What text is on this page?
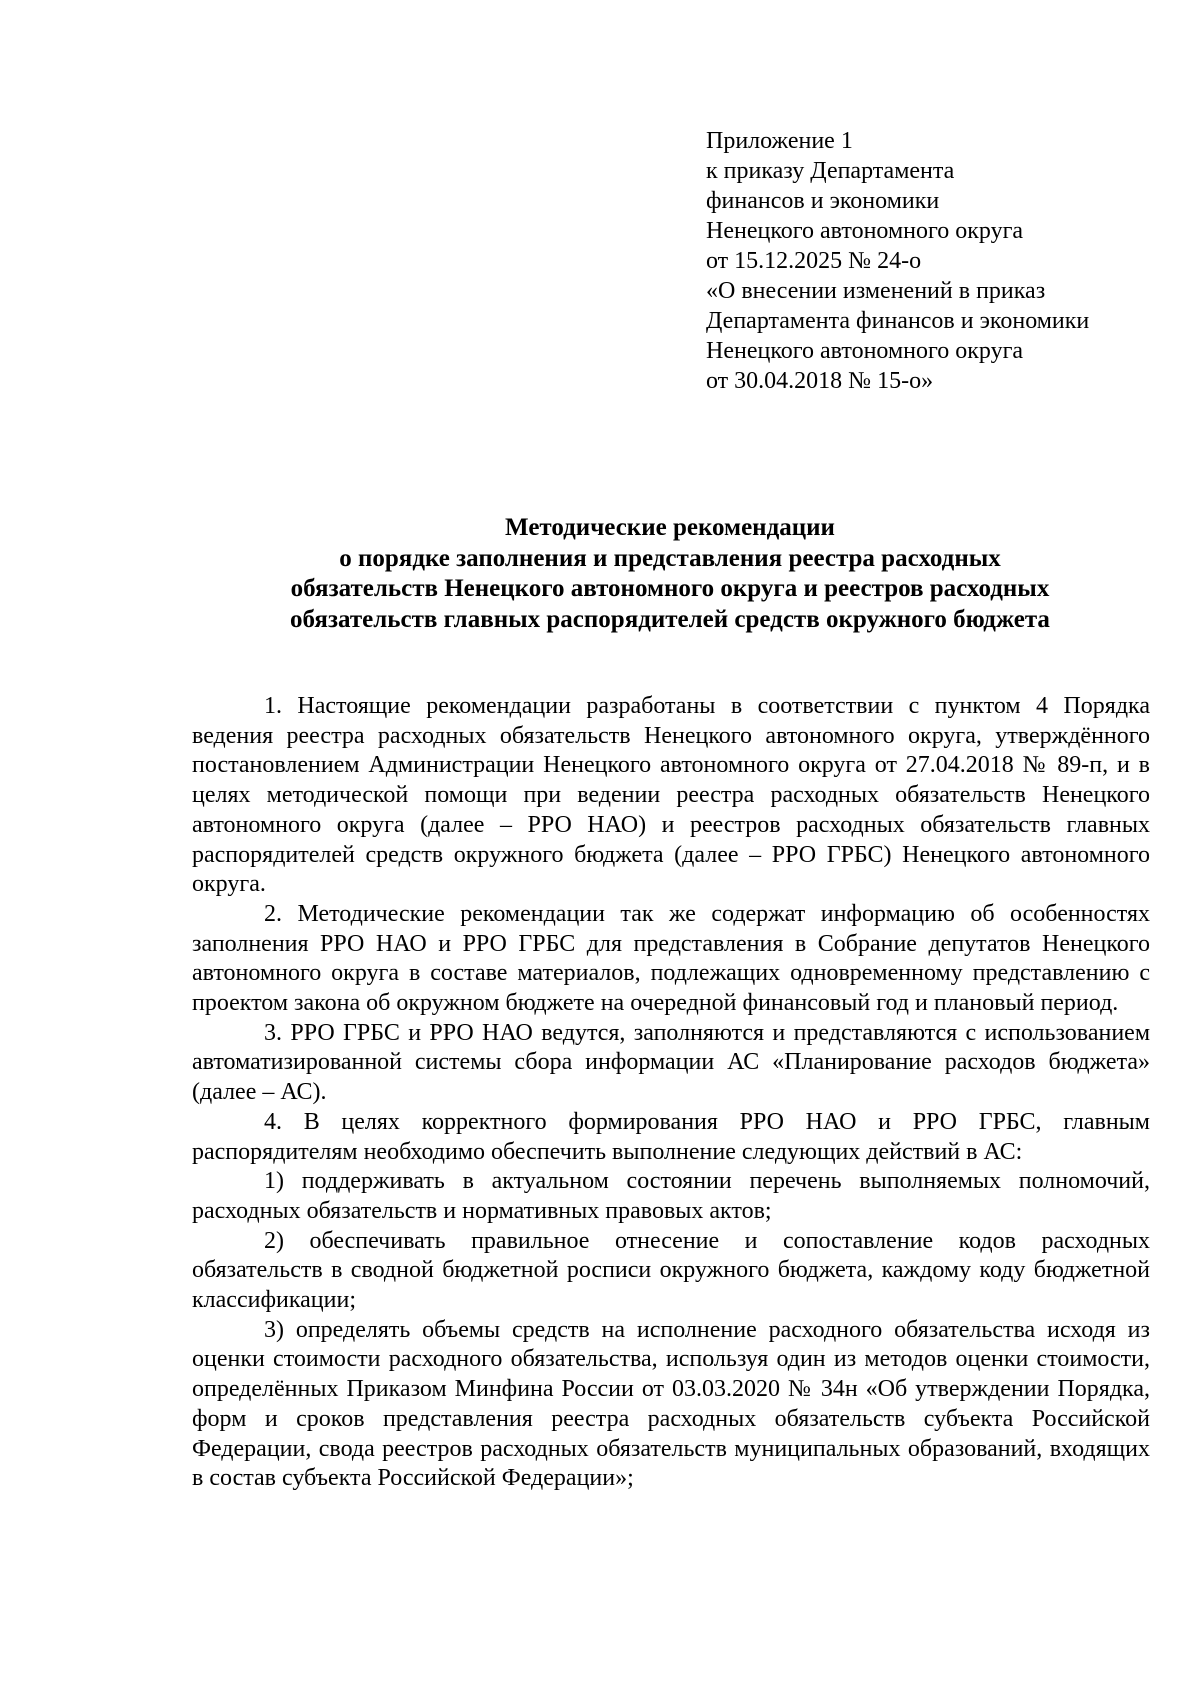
Приложение 1
к приказу Департамента
финансов и экономики
Ненецкого автономного округа
от 15.12.2025 № 24-о
«О внесении изменений в приказ
Департамента финансов и экономики
Ненецкого автономного округа
от 30.04.2018 № 15-о»
Методические рекомендации
о порядке заполнения и представления реестра расходных
обязательств Ненецкого автономного округа и реестров расходных
обязательств главных распорядителей средств окружного бюджета

1. Настоящие рекомендации разработаны в соответствии с пунктом 4 Порядка ведения реестра расходных обязательств Ненецкого автономного округа, утверждённого постановлением Администрации Ненецкого автономного округа от 27.04.2018 № 89-п, и в целях методической помощи при ведении реестра расходных обязательств Ненецкого автономного округа (далее – РРО НАО) и реестров расходных обязательств главных распорядителей средств окружного бюджета (далее – РРО ГРБС) Ненецкого автономного округа.

2. Методические рекомендации так же содержат информацию об особенностях заполнения РРО НАО и РРО ГРБС для представления в Собрание депутатов Ненецкого автономного округа в составе материалов, подлежащих одновременному представлению с проектом закона об окружном бюджете на очередной финансовый год и плановый период.

3. РРО ГРБС и РРО НАО ведутся, заполняются и представляются с использованием автоматизированной системы сбора информации АС «Планирование расходов бюджета» (далее – АС).

4. В целях корректного формирования РРО НАО и РРО ГРБС, главным распорядителям необходимо обеспечить выполнение следующих действий в АС:

1) поддерживать в актуальном состоянии перечень выполняемых полномочий, расходных обязательств и нормативных правовых актов;

2) обеспечивать правильное отнесение и сопоставление кодов расходных обязательств в сводной бюджетной росписи окружного бюджета, каждому коду бюджетной классификации;

3) определять объемы средств на исполнение расходного обязательства исходя из оценки стоимости расходного обязательства, используя один из методов оценки стоимости, определённых Приказом Минфина России от 03.03.2020 № 34н «Об утверждении Порядка, форм и сроков представления реестра расходных обязательств субъекта Российской Федерации, свода реестров расходных обязательств муниципальных образований, входящих в состав субъекта Российской Федерации»;
